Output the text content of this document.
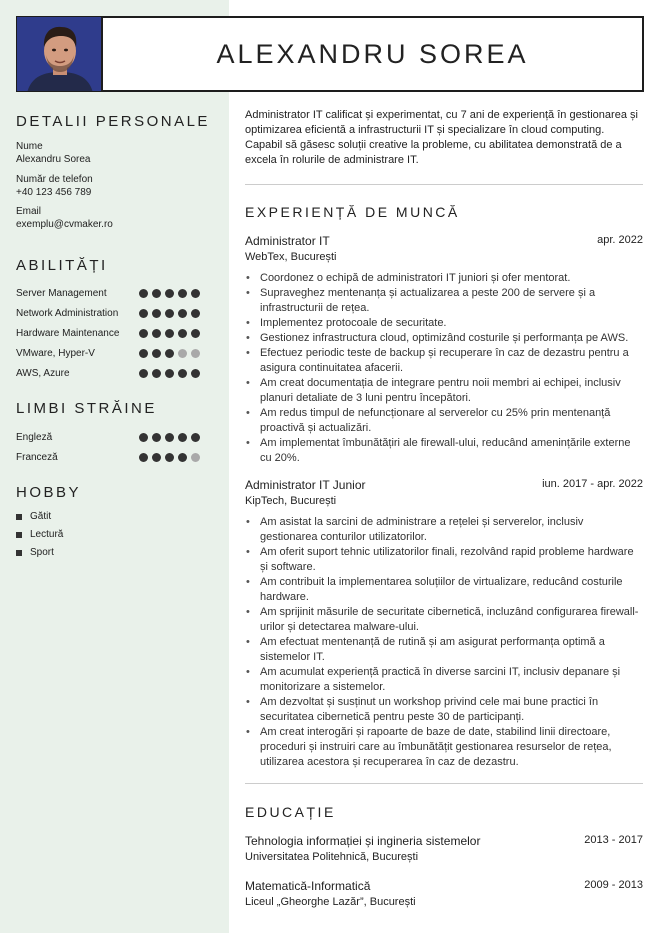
ALEXANDRU SOREA
DETALII PERSONALE
Nume
Alexandru Sorea
Număr de telefon
+40 123 456 789
Email
exemplu@cvmaker.ro
ABILITĂȚI
Server Management
Network Administration
Hardware Maintenance
VMware, Hyper-V
AWS, Azure
LIMBI STRĂINE
Engleză
Franceză
HOBBY
Gătit
Lectură
Sport

Administrator IT calificat și experimentat, cu 7 ani de experiență în gestionarea și optimizarea eficientă a infrastructurii IT și specializare în cloud computing. Capabil să găsesc soluții creative la probleme, cu abilitatea demonstrată de a excela în rolurile de administrare IT.

EXPERIENȚĂ DE MUNCĂ
Administrator IT	apr. 2022
WebTex, București
• Coordonez o echipă de administratori IT juniori și ofer mentorat.
• Supraveghez mentenanța și actualizarea a peste 200 de servere și a infrastructurii de rețea.
• Implementez protocoale de securitate.
• Gestionez infrastructura cloud, optimizând costurile și performanța pe AWS.
• Efectuez periodic teste de backup și recuperare în caz de dezastru pentru a asigura continuitatea afacerii.
• Am creat documentația de integrare pentru noii membri ai echipei, inclusiv planuri detaliate de 3 luni pentru începători.
• Am redus timpul de nefuncționare al serverelor cu 25% prin mentenanță proactivă și actualizări.
• Am implementat îmbunătățiri ale firewall-ului, reducând amenințările externe cu 20%.
Administrator IT Junior	iun. 2017 - apr. 2022
KipTech, București
• Am asistat la sarcini de administrare a rețelei și serverelor, inclusiv gestionarea conturilor utilizatorilor.
• Am oferit suport tehnic utilizatorilor finali, rezolvând rapid probleme hardware și software.
• Am contribuit la implementarea soluțiilor de virtualizare, reducând costurile hardware.
• Am sprijinit măsurile de securitate cibernetică, incluzând configurarea firewall-urilor și detectarea malware-ului.
• Am efectuat mentenanță de rutină și am asigurat performanța optimă a sistemelor IT.
• Am acumulat experiență practică în diverse sarcini IT, inclusiv depanare și monitorizare a sistemelor.
• Am dezvoltat și susținut un workshop privind cele mai bune practici în securitatea cibernetică pentru peste 30 de participanți.
• Am creat interogări și rapoarte de baze de date, stabilind linii directoare, proceduri și instruiri care au îmbunătățit gestionarea resurselor de rețea, utilizarea acestora și recuperarea în caz de dezastru.
EDUCAȚIE
Tehnologia informației și ingineria sistemelor	2013 - 2017
Universitatea Politehnică, București
Matematică-Informatică	2009 - 2013
Liceul „Gheorghe Lazăr”, București
